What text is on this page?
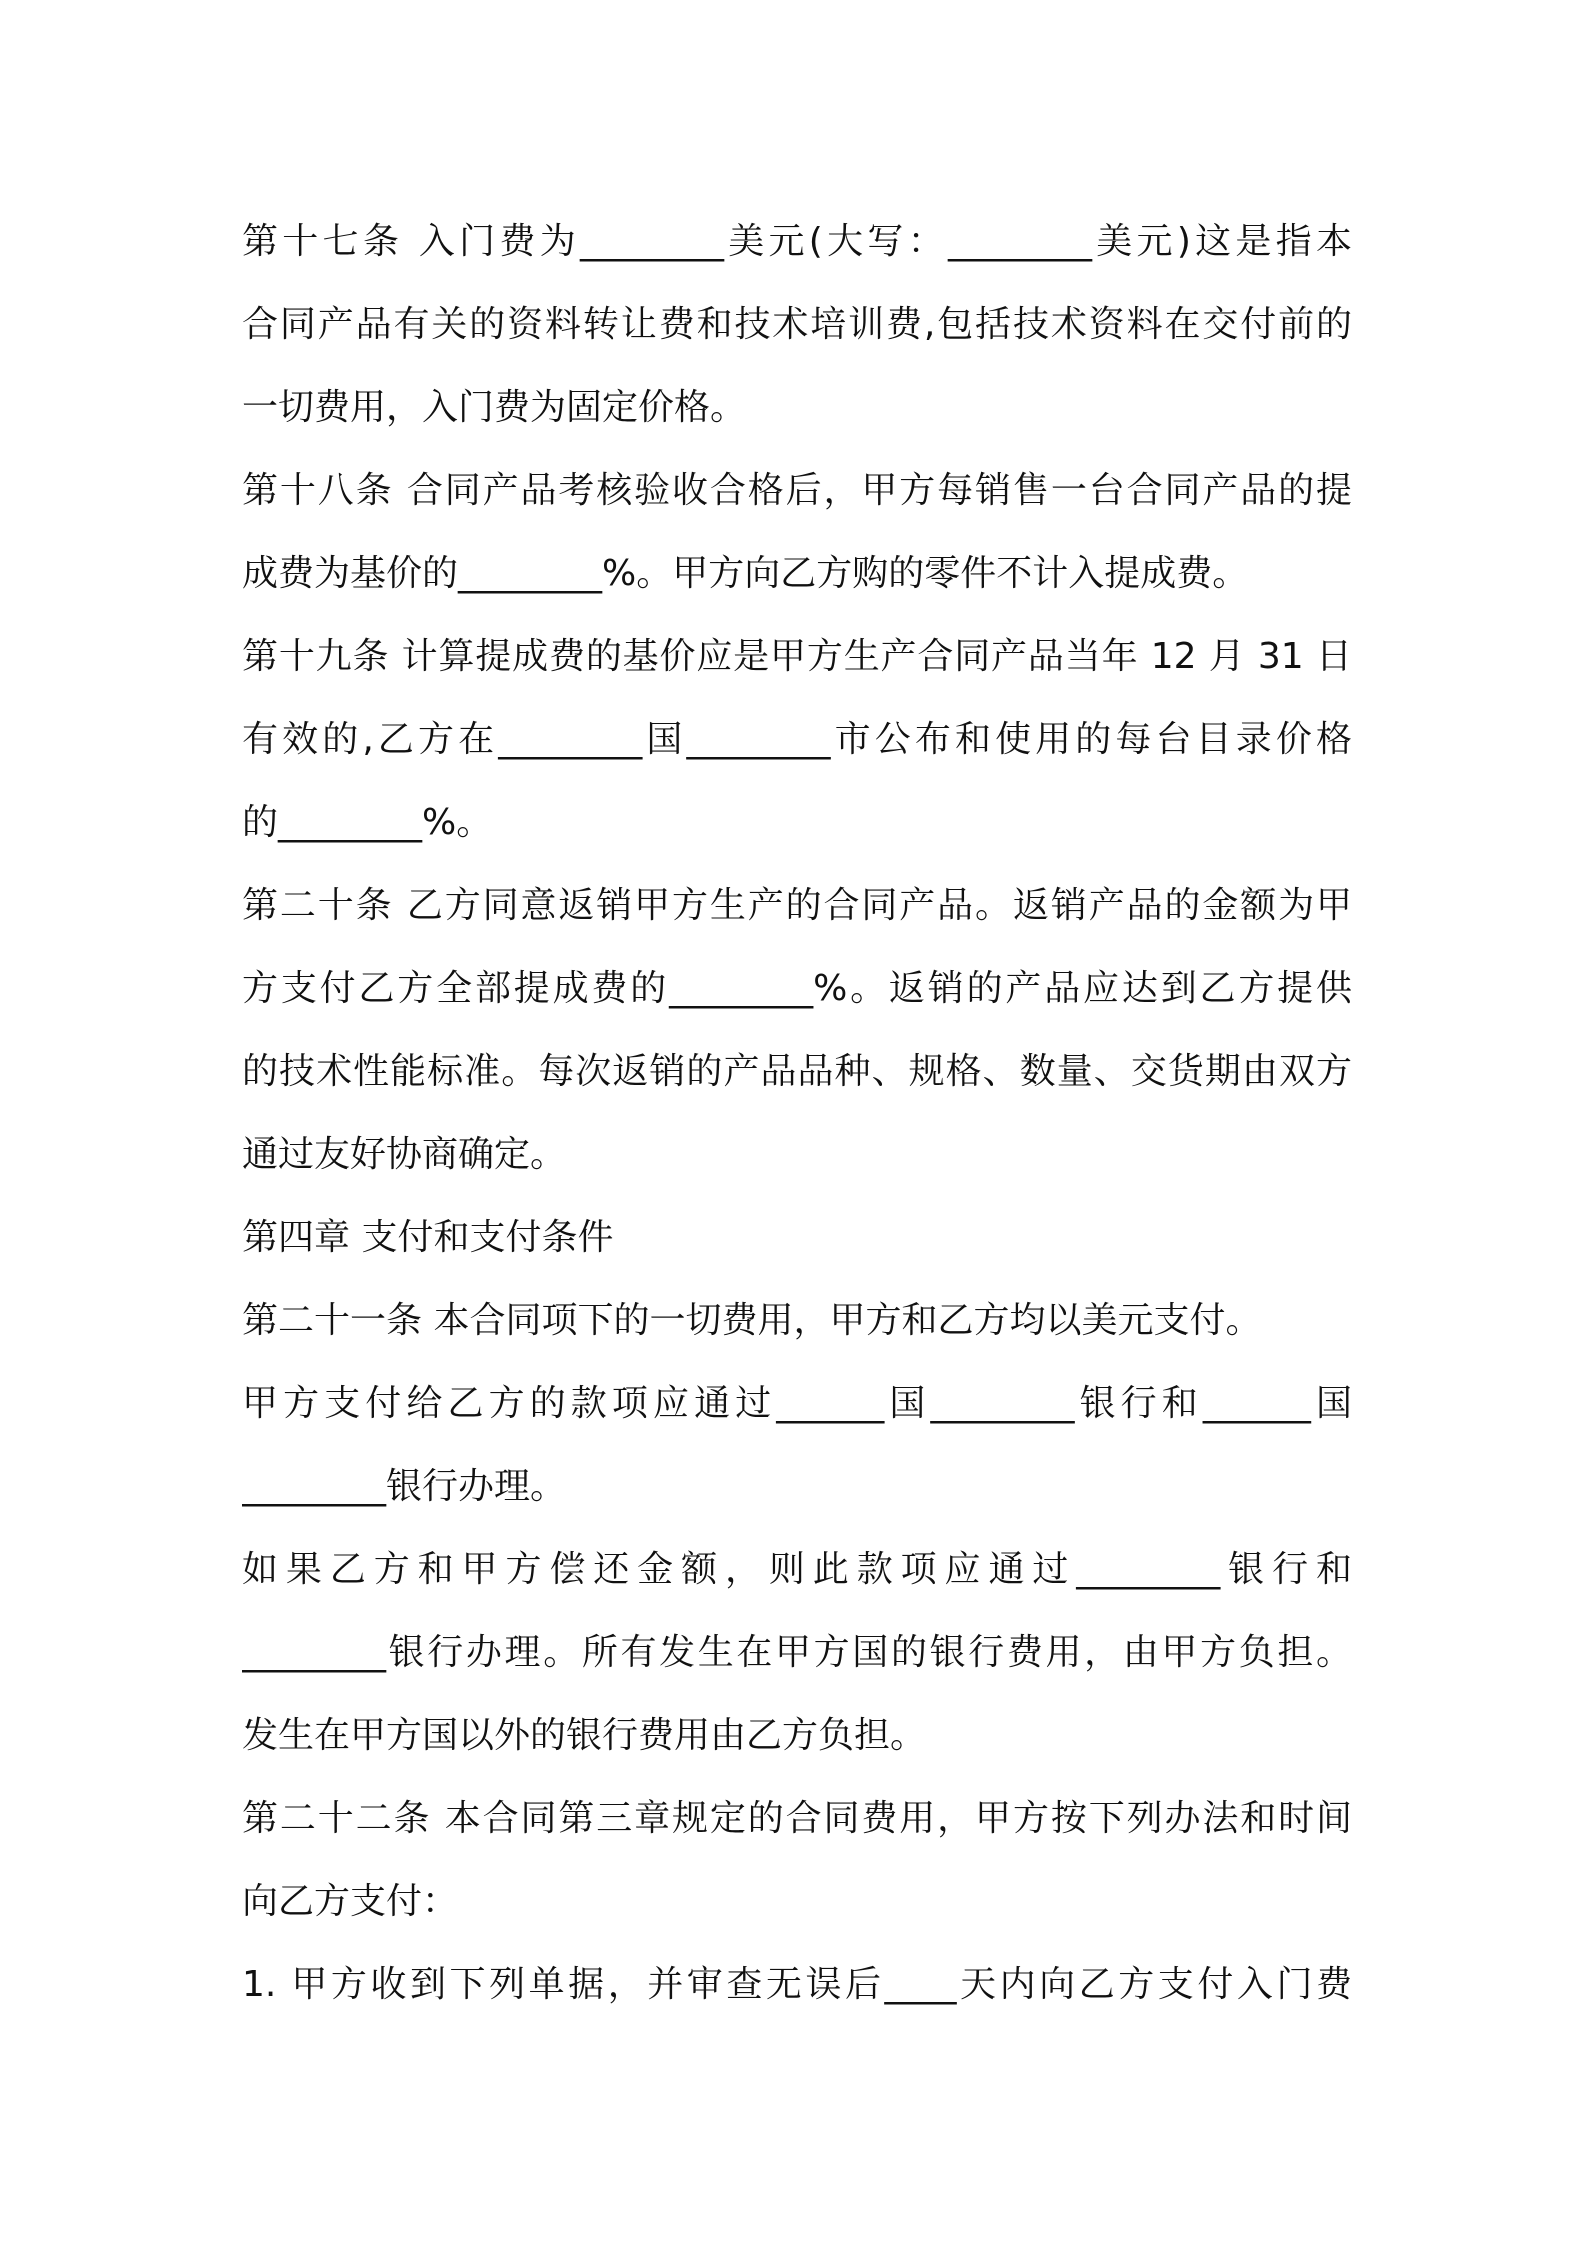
第十七条 入门费为________美元(大写：________美元)这是指本
合同产品有关的资料转让费和技术培训费,包括技术资料在交付前的
一切费用，入门费为固定价格。
第十八条 合同产品考核验收合格后，甲方每销售一台合同产品的提
成费为基价的________%。甲方向乙方购的零件不计入提成费。
第十九条 计算提成费的基价应是甲方生产合同产品当年 12 月 31 日
有效的,乙方在________国________市公布和使用的每台目录价格
的________%。
第二十条 乙方同意返销甲方生产的合同产品。返销产品的金额为甲
方支付乙方全部提成费的________%。返销的产品应达到乙方提供
的技术性能标准。每次返销的产品品种、规格、数量、交货期由双方
通过友好协商确定。
第四章 支付和支付条件
第二十一条 本合同项下的一切费用，甲方和乙方均以美元支付。
甲方支付给乙方的款项应通过______国________银行和______国
________银行办理。
如果乙方和甲方偿还金额，则此款项应通过________银行和
________银行办理。所有发生在甲方国的银行费用，由甲方负担。
发生在甲方国以外的银行费用由乙方负担。
第二十二条 本合同第三章规定的合同费用，甲方按下列办法和时间
向乙方支付：
1. 甲方收到下列单据，并审查无误后____天内向乙方支付入门费
